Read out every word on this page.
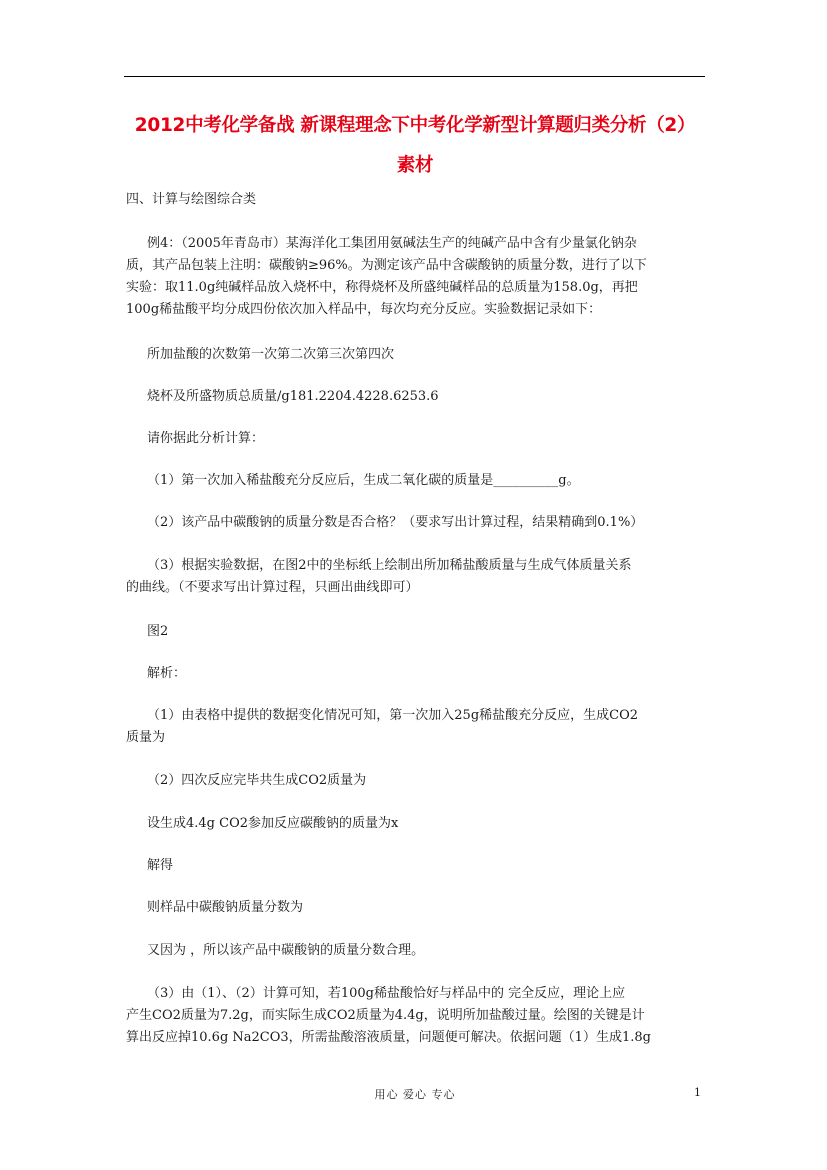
2012中考化学备战 新课程理念下中考化学新型计算题归类分析（2）
素材
四、计算与绘图综合类
例4：（2005年青岛市）某海洋化工集团用氨碱法生产的纯碱产品中含有少量氯化钠杂
质，其产品包装上注明：碳酸钠≥96%。为测定该产品中含碳酸钠的质量分数，进行了以下
实验：取11.0g纯碱样品放入烧杯中，称得烧杯及所盛纯碱样品的总质量为158.0g，再把
100g稀盐酸平均分成四份依次加入样品中，每次均充分反应。实验数据记录如下：
所加盐酸的次数第一次第二次第三次第四次
烧杯及所盛物质总质量/g181.2204.4228.6253.6
请你据此分析计算：
（1）第一次加入稀盐酸充分反应后，生成二氧化碳的质量是__________g。
（2）该产品中碳酸钠的质量分数是否合格？（要求写出计算过程，结果精确到0.1%）
（3）根据实验数据，在图2中的坐标纸上绘制出所加稀盐酸质量与生成气体质量关系
的曲线。（不要求写出计算过程，只画出曲线即可）
图2
解析：
（1）由表格中提供的数据变化情况可知，第一次加入25g稀盐酸充分反应，生成CO2
质量为
（2）四次反应完毕共生成CO2质量为
设生成4.4g CO2参加反应碳酸钠的质量为x
解得
则样品中碳酸钠质量分数为
又因为 ，所以该产品中碳酸钠的质量分数合理。
（3）由（1）、（2）计算可知，若100g稀盐酸恰好与样品中的 完全反应，理论上应
产生CO2质量为7.2g，而实际生成CO2质量为4.4g，说明所加盐酸过量。绘图的关键是计
算出反应掉10.6g Na2CO3，所需盐酸溶液质量，问题便可解决。依据问题（1）生成1.8g
用心 爱心 专心	1
